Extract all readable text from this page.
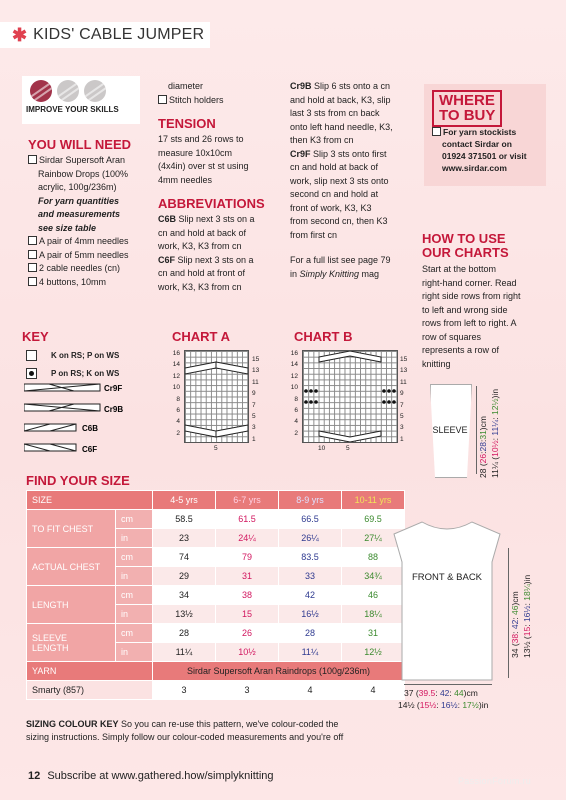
✱ KIDS' CABLE JUMPER
IMPROVE YOUR SKILLS
YOU WILL NEED
Sirdar Supersoft Aran
Rainbow Drops (100%
acrylic, 100g/236m)
For yarn quantities
and measurements
see size table
A pair of 4mm needles
A pair of 5mm needles
2 cable needles (cn)
4 buttons, 10mm
diameter
Stitch holders
TENSION
17 sts and 26 rows to
measure 10x10cm
(4x4in) over st st using
4mm needles
ABBREVIATIONS
C6B Slip next 3 sts on a
cn and hold at back of
work, K3, K3 from cn
C6F Slip next 3 sts on a
cn and hold at front of
work, K3, K3 from cn
Cr9B Slip 6 sts onto a cn
and hold at back, K3, slip
last 3 sts from cn back
onto left hand needle, K3,
then K3 from cn
Cr9F Slip 3 sts onto first
cn and hold at back of
work, slip next 3 sts onto
second cn and hold at
front of work, K3, K3
from second cn, then K3
from first cn
For a full list see page 79
in Simply Knitting mag
WHERE
TO BUY
For yarn stockists
contact Sirdar on
01924 371501 or visit
www.sirdar.com
HOW TO USE
OUR CHARTS
Start at the bottom
right-hand corner. Read
right side rows from right
to left and wrong side
rows from left to right. A
row of squares
represents a row of
knitting
KEY
K on RS; P on WS
P on RS; K on WS
Cr9F
Cr9B
C6B
C6F
CHART A
16
14
12
10
8
6
4
2
15
13
11
9
7
5
3
1
5
CHART B
16
14
12
10
8
6
4
2
15
13
11
9
7
5
3
1
10	5
FIND YOUR SIZE
SIZE		4-5 yrs	6-7 yrs	8-9 yrs	10-11 yrs
TO FIT CHEST	cm	58.5	61.5	66.5	69.5
	in	23	24¼	26¼	27¼
ACTUAL CHEST	cm	74	79	83.5	88
	in	29	31	33	34¾
LENGTH	cm	34	38	42	46
	in	13½	15	16½	18¼

SLEEVE
LENGTH	cm	28	26	28	31
	in	11¼	10½	11¼	12½
YARN		Sirdar Supersoft Aran Raindrops (100g/236m)			
Smarty (857)		3	3	4	4
SIZING COLOUR KEY So you can re-use this pattern, we've colour-coded the
sizing instructions. Simply follow our colour-coded measurements and you're off
SLEEVE
28 (26:28:31)cm
11¼ (10½: 11¼: 12½)in
FRONT & BACK
34 (38: 42: 46)cm
13½ (15: 16½: 18¼)in
37 (39.5: 42: 44)cm
14½ (15½: 16½: 17½)in
12 Subscribe at www.gathered.how/simplyknitting	PassionForum.ru
